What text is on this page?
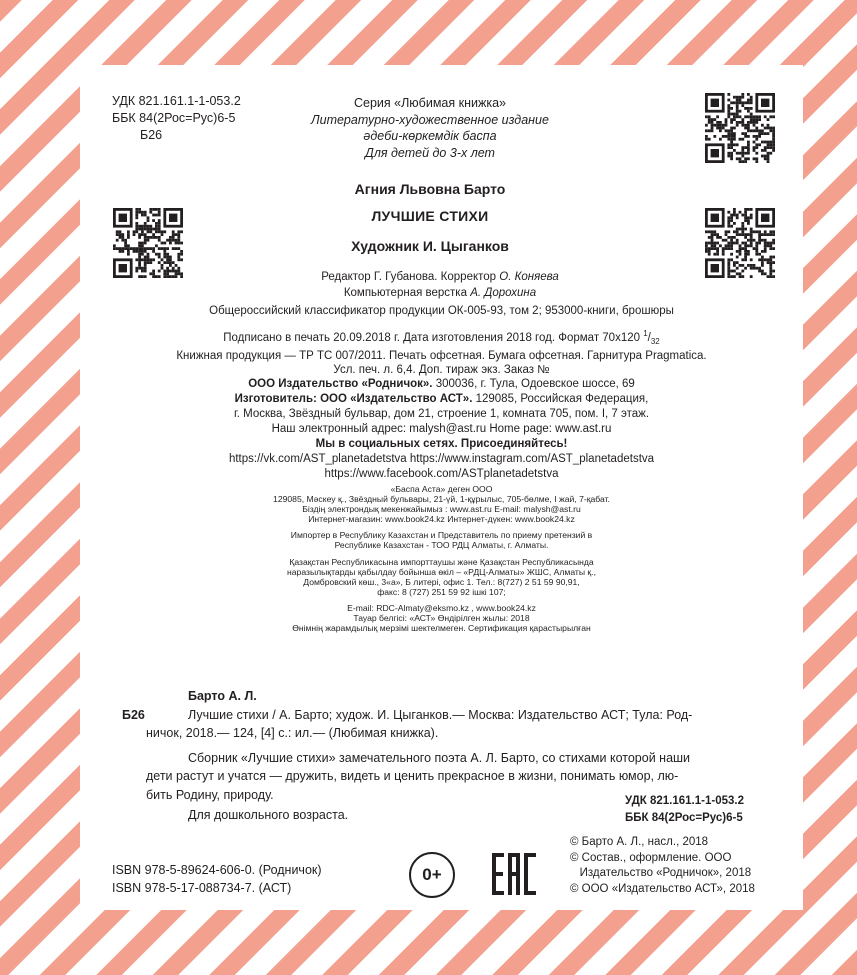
УДК 821.161.1-1-053.2
ББК 84(2Рос=Рус)6-5
Б26
Серия «Любимая книжка»
Литературно-художественное издание
әдеби-көркемдік баспа
Для детей до 3-х лет
Агния Львовна Барто
ЛУЧШИЕ СТИХИ
Художник И. Цыганков
Редактор Г. Губанова. Корректор О. Коняева
Компьютерная верстка А. Дорохина
Общероссийский классификатор продукции ОК-005-93, том 2; 953000-книги, брошюры
Подписано в печать 20.09.2018 г. Дата изготовления 2018 год. Формат 70x120 $^1/_{32}$
Книжная продукция — ТР ТС 007/2011. Печать офсетная. Бумага офсетная. Гарнитура Pragmatica.
Усл. печ. л. 6,4. Доп. тираж экз. Заказ №
ООО Издательство «Родничок». 300036, г. Тула, Одоевское шоссе, 69
Изготовитель: ООО «Издательство АСТ». 129085, Российская Федерация,
г. Москва, Звёздный бульвар, дом 21, строение 1, комната 705, пом. I, 7 этаж.
Наш электронный адрес: malysh@ast.ru Home page: www.ast.ru
Мы в социальных сетях. Присоединяйтесь!
https://vk.com/AST_planetadetstva https://www.instagram.com/AST_planetadetstva
https://www.facebook.com/ASTplanetadetstva
«Баспа Аста» деген ООО
129085, Мәскеу қ., Звёздный бульвары, 21-үй, 1-құрылыс, 705-бөлме, I жай, 7-қабат.
Біздің электрондық мекенжайымыз : www.ast.ru E-mail: malysh@ast.ru
Интернет-магазин: www.book24.kz Интернет-дүкен: www.book24.kz
Импортер в Республику Казахстан и Представитель по приему претензий в
Республике Казахстан - ТОО РДЦ Алматы, г. Алматы.
Қазақстан Республикасына импорттаушы және Қазақстан Республикасында
наразылықтарды қабылдау бойынша өкіл – «РДЦ-Алматы» ЖШС, Алматы қ.,
Домбровский көш., 3«а», Б литері, офис 1. Тел.: 8(727) 2 51 59 90,91,
факс: 8 (727) 251 59 92 ішкі 107;
E-mail: RDC-Almaty@eksmo.kz , www.book24.kz
Тауар белгісі: «АСТ» Өндірілген жылы: 2018
Өнімнің жарамдылық мерзімі шектелмеген. Сертификация қарастырылған
Барто А. Л.
Б26	Лучшие стихи / А. Барто; худож. И. Цыганков.— Москва: Издательство АСТ; Тула: Род-
ничок, 2018.— 124, [4] с.: ил.— (Любимая книжка).
Сборник «Лучшие стихи» замечательного поэта А. Л. Барто, со стихами которой наши
дети растут и учатся — дружить, видеть и ценить прекрасное в жизни, понимать юмор, лю-
бить Родину, природу.
Для дошкольного возраста.
УДК 821.161.1-1-053.2
ББК 84(2Рос=Рус)6-5
ISBN 978-5-89624-606-0. (Родничок)
ISBN 978-5-17-088734-7. (АСТ)
0+
© Барто А. Л., насл., 2018
© Состав., оформление. ООО
Издательство «Родничок», 2018
© ООО «Издательство АСТ», 2018
